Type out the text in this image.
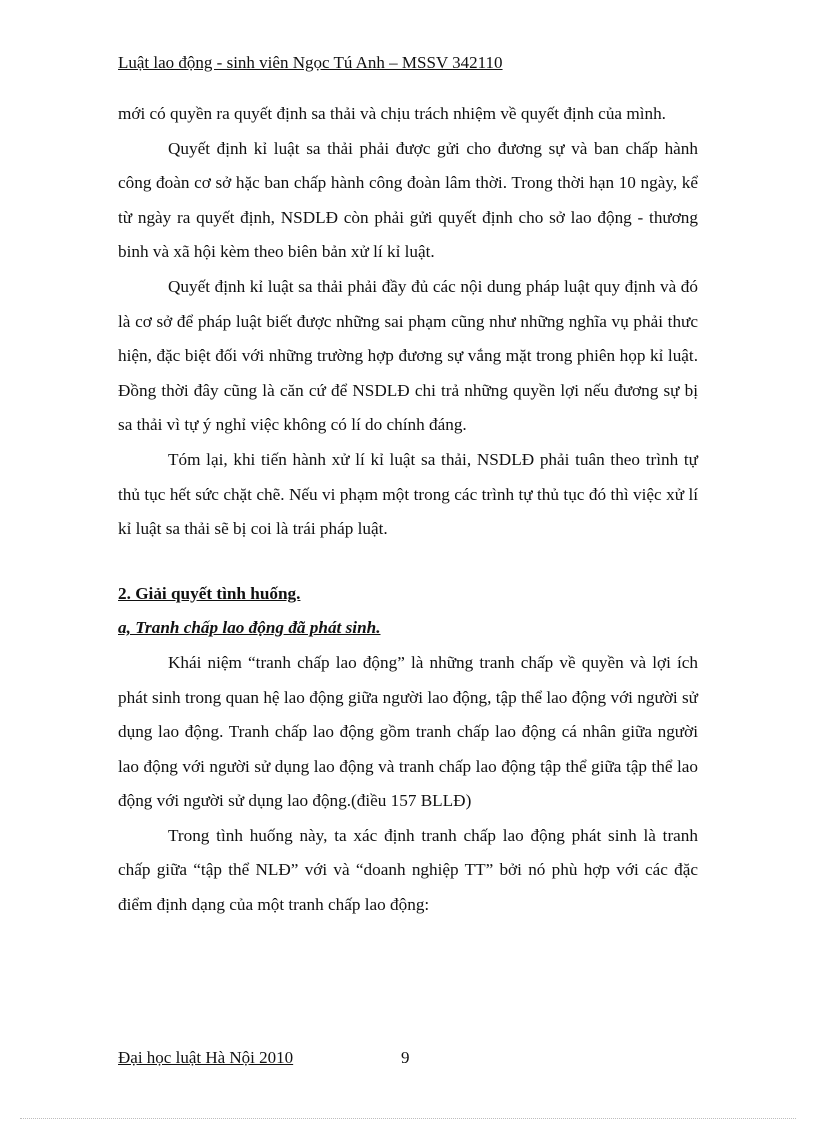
Luật lao động - sinh viên Ngọc Tú Anh – MSSV 342110

mới có quyền ra quyết định sa thải và chịu trách nhiệm về quyết định của mình.

Quyết định kỉ luật sa thải phải được gửi cho đương sự và ban chấp hành công đoàn cơ sở hặc ban chấp hành công đoàn lâm thời. Trong thời hạn 10 ngày, kể từ ngày ra quyết định, NSDLĐ còn phải gửi quyết định cho sở lao động - thương binh và xã hội kèm theo biên bản xử lí kỉ luật.

Quyết định kỉ luật sa thải phải đầy đủ các nội dung pháp luật quy định và đó là cơ sở để pháp luật biết được những sai phạm cũng như những nghĩa vụ phải thưc hiện, đặc biệt đối với những trường hợp đương sự vắng mặt trong phiên họp kỉ luật. Đồng thời đây cũng là căn cứ để NSDLĐ chi trả những quyền lợi nếu đương sự bị sa thải vì tự ý nghỉ việc không có lí do chính đáng.

Tóm lại, khi tiến hành xử lí kỉ luật sa thải, NSDLĐ phải tuân theo trình tự thủ tục hết sức chặt chẽ. Nếu vi phạm một trong các trình tự thủ tục đó thì việc xử lí kỉ luật sa thải sẽ bị coi là trái pháp luật.

2. Giải quyết tình huống.
a, Tranh chấp lao động đã phát sinh.

Khái niệm “tranh chấp lao động” là những tranh chấp về quyền và lợi ích phát sinh trong quan hệ lao động giữa người lao động, tập thể lao động với người sử dụng lao động. Tranh chấp lao động gồm tranh chấp lao động cá nhân giữa người lao động với người sử dụng lao động và tranh chấp lao động tập thể giữa tập thể lao động với người sử dụng lao động.(điều 157 BLLĐ)

Trong tình huống này, ta xác định tranh chấp lao động phát sinh là tranh chấp giữa “tập thể NLĐ” với và “doanh nghiệp TT” bởi nó phù hợp với các đặc điểm định dạng của một tranh chấp lao động:

Đại học luật Hà Nội 2010	9
